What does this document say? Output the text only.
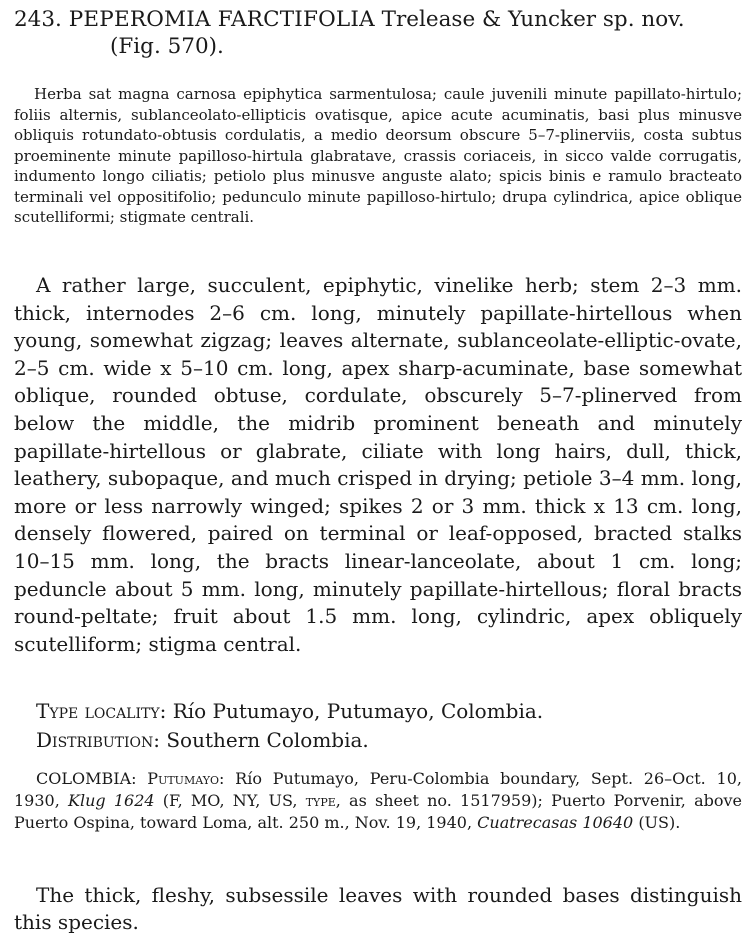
243. PEPEROMIA FARCTIFOLIA Trelease & Yuncker sp. nov.
(Fig. 570).

Herba sat magna carnosa epiphytica sarmentulosa; caule juvenili minute papillato-hirtulo; foliis alternis, sublanceolato-ellipticis ovatisque, apice acute acuminatis, basi plus minusve obliquis rotundato-obtusis cordulatis, a medio deorsum obscure 5–7-plinerviis, costa subtus proeminente minute papilloso-hirtula glabratave, crassis coriaceis, in sicco valde corrugatis, indumento longo ciliatis; petiolo plus minusve anguste alato; spicis binis e ramulo bracteato terminali vel oppositifolio; pedunculo minute papilloso-hirtulo; drupa cylindrica, apice oblique scutelliformi; stigmate centrali.

A rather large, succulent, epiphytic, vinelike herb; stem 2–3 mm. thick, internodes 2–6 cm. long, minutely papillate-hirtellous when young, somewhat zigzag; leaves alternate, sublanceolate-elliptic-ovate, 2–5 cm. wide x 5–10 cm. long, apex sharp-acuminate, base somewhat oblique, rounded obtuse, cordulate, obscurely 5–7-plinerved from below the middle, the midrib prominent beneath and minutely papillate-hirtellous or glabrate, ciliate with long hairs, dull, thick, leathery, subopaque, and much crisped in drying; petiole 3–4 mm. long, more or less narrowly winged; spikes 2 or 3 mm. thick x 13 cm. long, densely flowered, paired on terminal or leaf-opposed, bracted stalks 10–15 mm. long, the bracts linear-lanceolate, about 1 cm. long; peduncle about 5 mm. long, minutely papillate-hirtellous; floral bracts round-peltate; fruit about 1.5 mm. long, cylindric, apex obliquely scutelliform; stigma central.

Type locality: Río Putumayo, Putumayo, Colombia.
Distribution: Southern Colombia.

COLOMBIA: Putumayo: Río Putumayo, Peru-Colombia boundary, Sept. 26–Oct. 10, 1930, Klug 1624 (F, MO, NY, US, type, as sheet no. 1517959); Puerto Porvenir, above Puerto Ospina, toward Loma, alt. 250 m., Nov. 19, 1940, Cuatrecasas 10640 (US).

The thick, fleshy, subsessile leaves with rounded bases distinguish this species.
